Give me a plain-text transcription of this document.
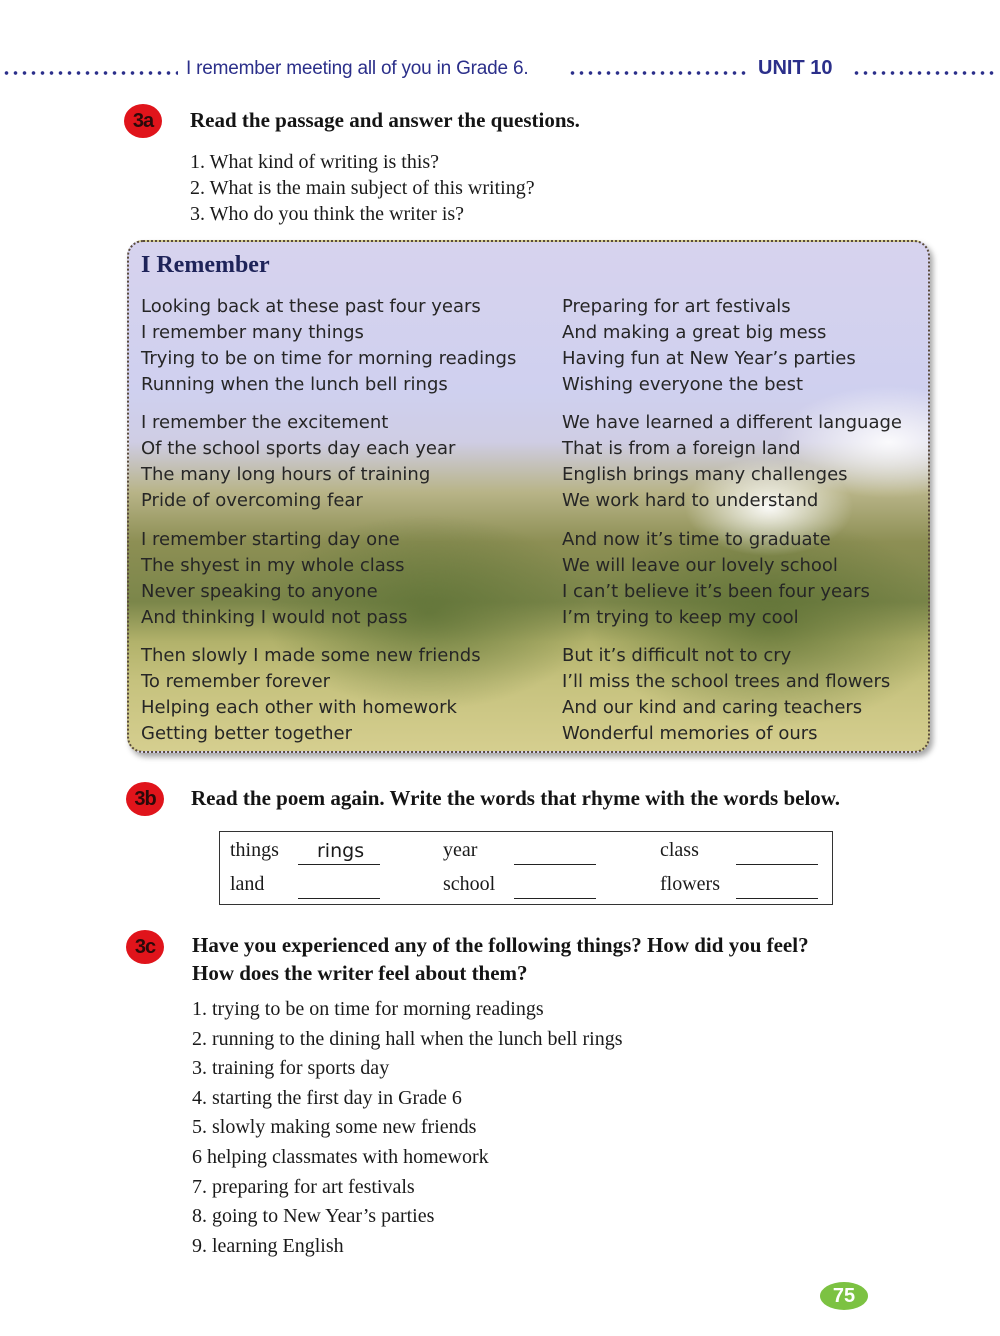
I remember meeting all of you in Grade 6.	UNIT 10
3a	Read the passage and answer the questions.
1. What kind of writing is this?
2. What is the main subject of this writing?
3. Who do you think the writer is?
I Remember
Looking back at these past four years
I remember many things
Trying to be on time for morning readings
Running when the lunch bell rings
I remember the excitement
Of the school sports day each year
The many long hours of training
Pride of overcoming fear
I remember starting day one
The shyest in my whole class
Never speaking to anyone
And thinking I would not pass
Then slowly I made some new friends
To remember forever
Helping each other with homework
Getting better together
Preparing for art festivals
And making a great big mess
Having fun at New Year’s parties
Wishing everyone the best
We have learned a different language
That is from a foreign land
English brings many challenges
We work hard to understand
And now it’s time to graduate
We will leave our lovely school
I can’t believe it’s been four years
I’m trying to keep my cool
But it’s difficult not to cry
I’ll miss the school trees and flowers
And our kind and caring teachers
Wonderful memories of ours
3b	Read the poem again. Write the words that rhyme with the words below.
things rings	year	class
land	school	flowers
3c	Have you experienced any of the following things? How did you feel?
How does the writer feel about them?
1. trying to be on time for morning readings
2. running to the dining hall when the lunch bell rings
3. training for sports day
4. starting the first day in Grade 6
5. slowly making some new friends
6 helping classmates with homework
7. preparing for art festivals
8. going to New Year’s parties
9. learning English
75
